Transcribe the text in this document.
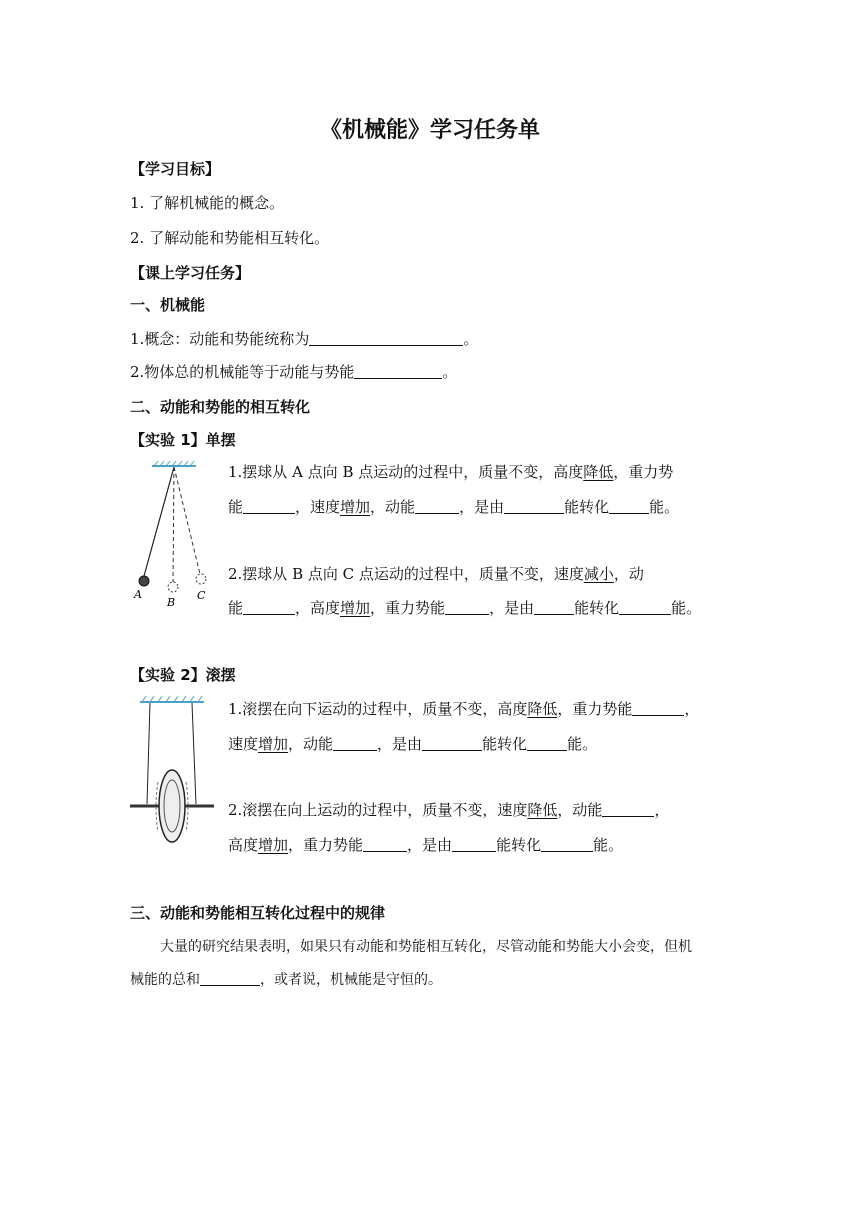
《机械能》学习任务单
【学习目标】
1. 了解机械能的概念。
2. 了解动能和势能相互转化。
【课上学习任务】
一、机械能
1.概念：动能和势能统称为	。
2.物体总的机械能等于动能与势能	。
二、动能和势能的相互转化
【实验 1】单摆
A
B
C
1.摆球从 A 点向 B 点运动的过程中，质量不变，高度降低，重力势
能	，速度增加，动能	，是由	能转化	能。
2.摆球从 B 点向 C 点运动的过程中，质量不变，速度减小，动
能	，高度增加，重力势能	，是由	能转化	能。
【实验 2】滚摆
1.滚摆在向下运动的过程中，质量不变，高度降低，重力势能	，
速度增加，动能	，是由	能转化	能。
2.滚摆在向上运动的过程中，质量不变，速度降低，动能	，
高度增加，重力势能	，是由	能转化	能。
三、动能和势能相互转化过程中的规律
大量的研究结果表明，如果只有动能和势能相互转化，尽管动能和势能大小会变，但机
械能的总和	，或者说，机械能是守恒的。
